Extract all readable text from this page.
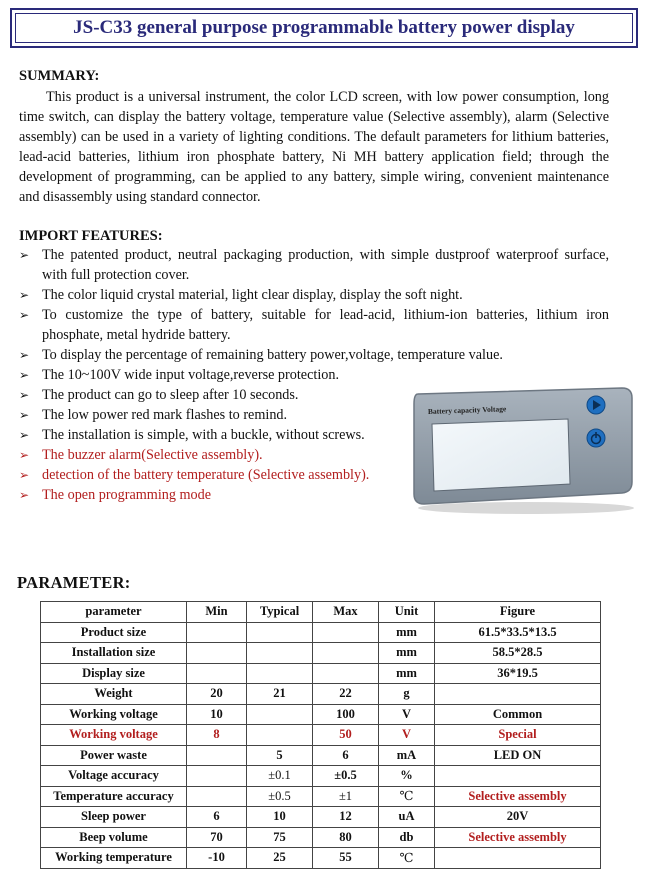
JS-C33 general purpose programmable battery power display
SUMMARY:

This product is a universal instrument, the color LCD screen, with low power consumption, long time switch, can display the battery voltage, temperature value (Selective assembly), alarm (Selective assembly) can be used in a variety of lighting conditions. The default parameters for lithium batteries, lead-acid batteries, lithium iron phosphate battery, Ni MH battery application field; through the development of programming, can be applied to any battery, simple wiring, convenient maintenance and disassembly using standard connector.

IMPORT FEATURES:
➢ The patented product, neutral packaging production, with simple dustproof waterproof surface, with full protection cover.
➢ The color liquid crystal material, light clear display, display the soft night.
➢ To customize the type of battery, suitable for lead-acid, lithium-ion batteries, lithium iron phosphate, metal hydride battery.
➢ To display the percentage of remaining battery power,voltage, temperature value.
➢ The 10~100V wide input voltage,reverse protection.
➢ The product can go to sleep after 10 seconds.
➢ The low power red mark flashes to remind.
➢ The installation is simple, with a buckle, without screws.
➢ The buzzer alarm(Selective assembly).
➢ detection of the battery temperature (Selective assembly).
➢ The open programming mode
Battery capacity Voltage
PARAMETER:
parameter	Min	Typical	Max	Unit	Figure
Product size				mm	61.5*33.5*13.5
Installation size				mm	58.5*28.5
Display size				mm	36*19.5
Weight	20	21	22	g	
Working voltage	10		100	V	Common
Working voltage	8		50	V	Special
Power waste		5	6	mA	LED ON
Voltage accuracy		±0.1	±0.5	%	
Temperature accuracy		±0.5	±1	℃	Selective assembly
Sleep power	6	10	12	uA	20V
Beep volume	70	75	80	db	Selective assembly
Working temperature	-10	25	55	℃	
